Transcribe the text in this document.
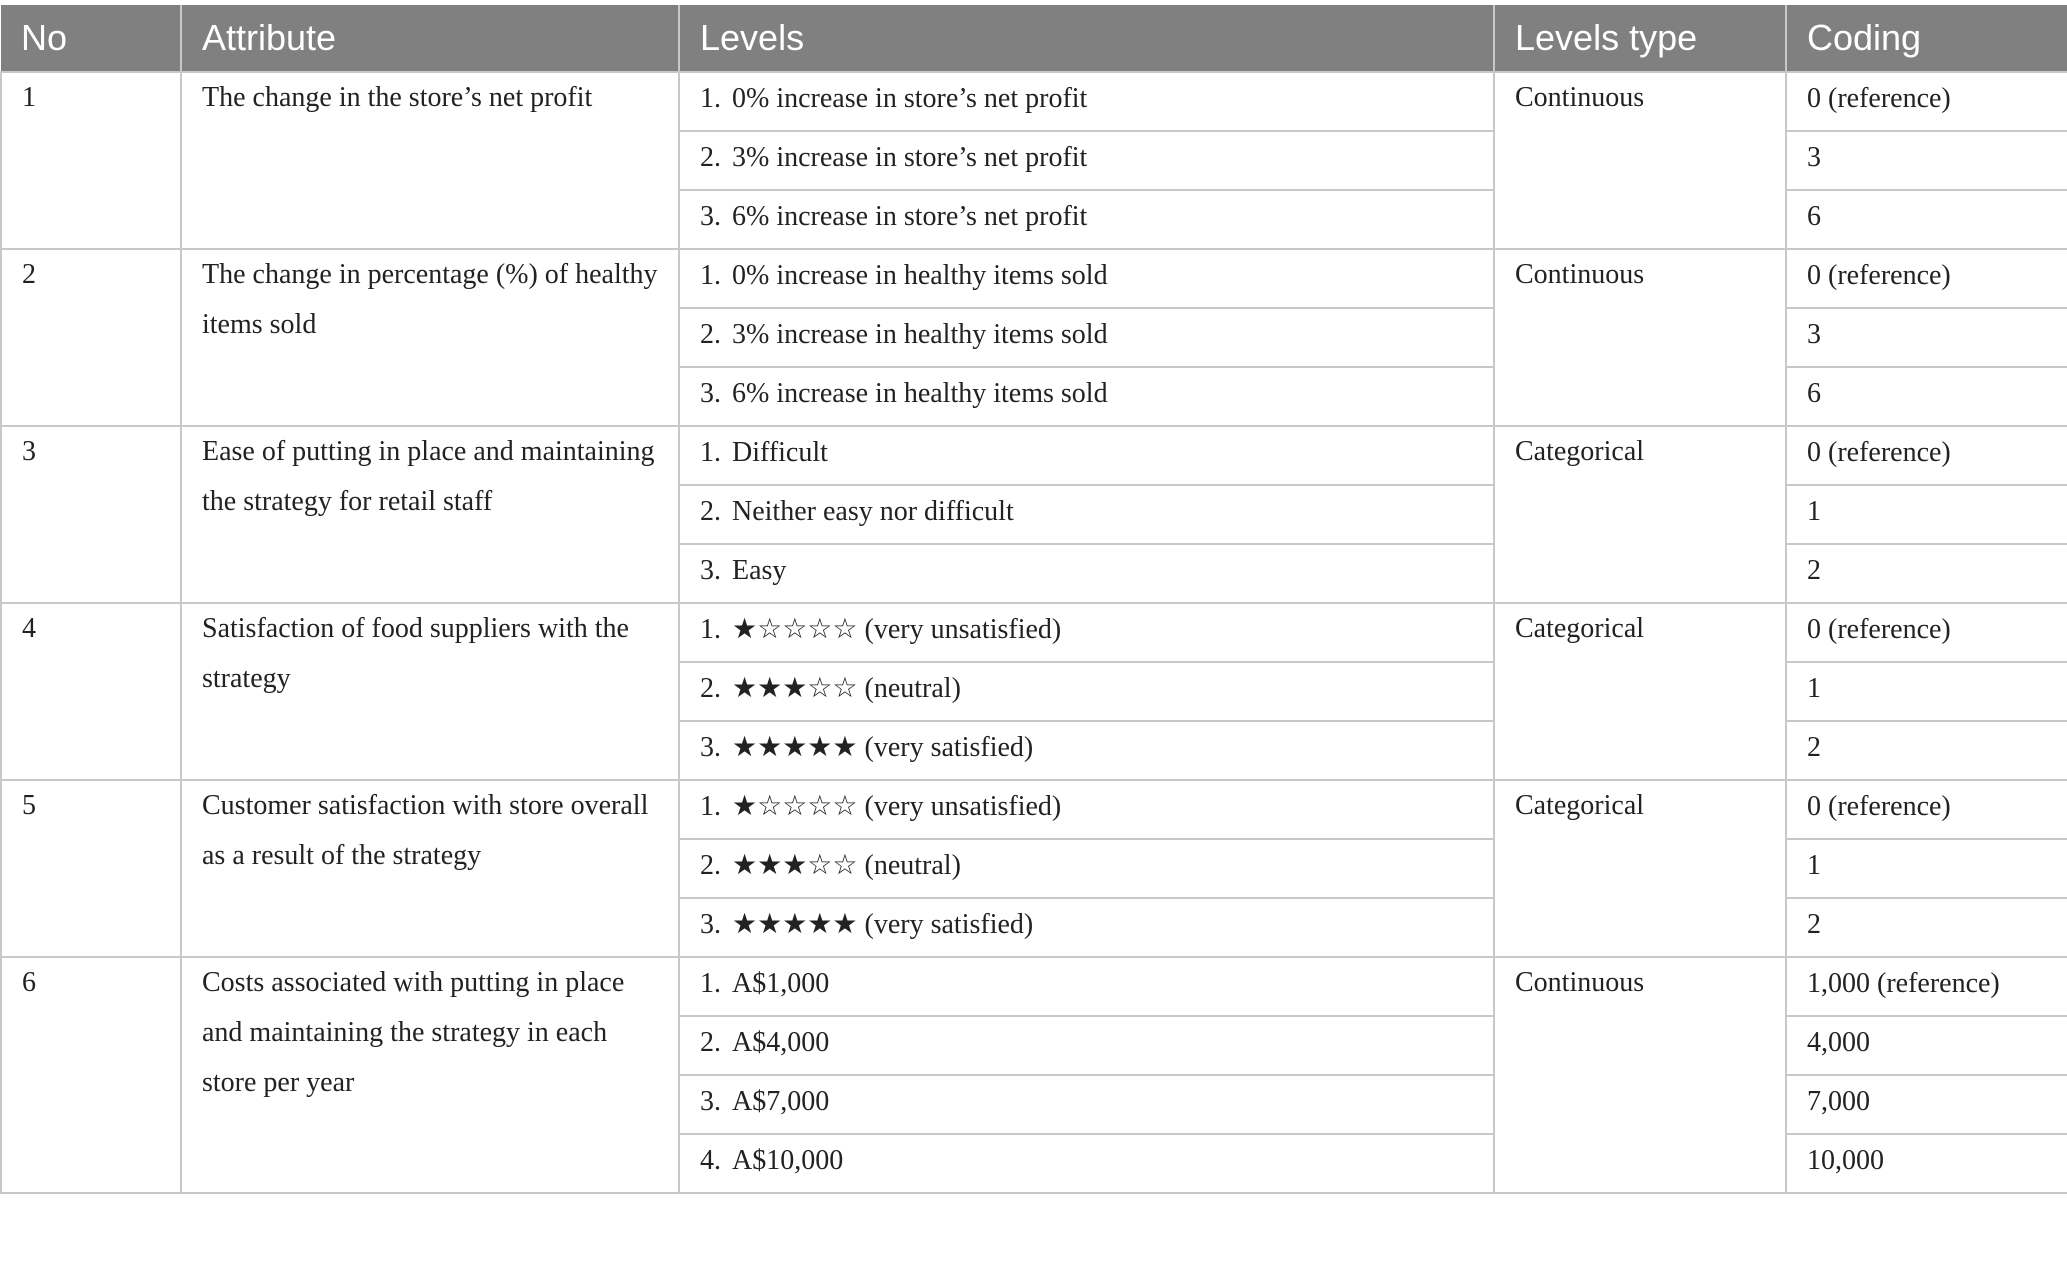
No	Attribute	Levels	Levels type	Coding
1	The change in the store’s net profit	1. 0% increase in store’s net profit	Continuous	0 (reference)
		2. 3% increase in store’s net profit		3
		3. 6% increase in store’s net profit		6
2	The change in percentage (%) of healthy items sold	1. 0% increase in healthy items sold	Continuous	0 (reference)
		2. 3% increase in healthy items sold		3
		3. 6% increase in healthy items sold		6
3	Ease of putting in place and maintaining the strategy for retail staff	1. Difficult	Categorical	0 (reference)
		2. Neither easy nor difficult		1
		3. Easy		2
4	Satisfaction of food suppliers with the strategy	1. ★☆☆☆☆ (very unsatisfied)	Categorical	0 (reference)
		2. ★★★☆☆ (neutral)		1
		3. ★★★★★ (very satisfied)		2
5	Customer satisfaction with store overall as a result of the strategy	1. ★☆☆☆☆ (very unsatisfied)	Categorical	0 (reference)
		2. ★★★☆☆ (neutral)		1
		3. ★★★★★ (very satisfied)		2
6	Costs associated with putting in place and maintaining the strategy in each store per year	1. A$1,000	Continuous	1,000 (reference)
		2. A$4,000		4,000
		3. A$7,000		7,000
		4. A$10,000		10,000
